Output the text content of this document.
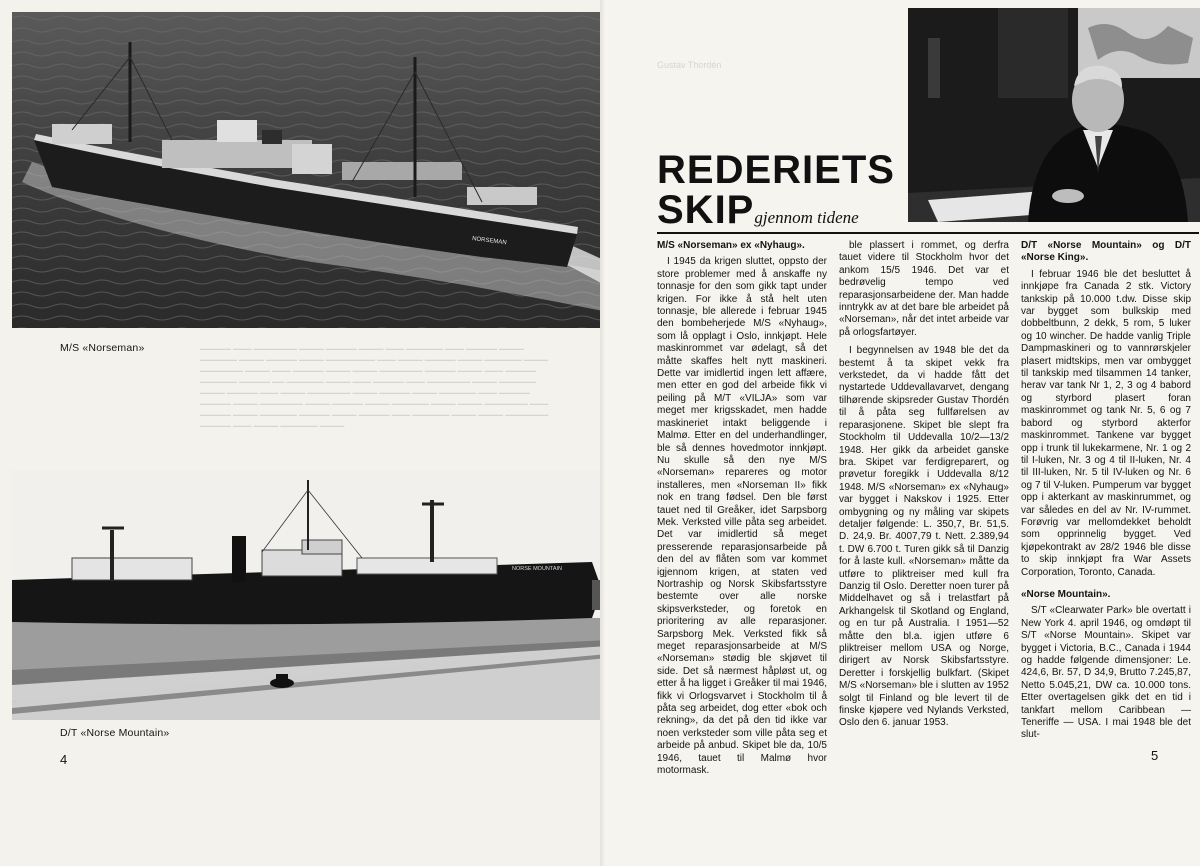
NORSEMAN
M/S «Norseman»	▁▁▁▁▁ ▁▁▁ ▁▁▁▁▁▁▁ ▁▁▁▁ ▁▁▁▁▁ ▁▁▁▁ ▁▁▁ ▁▁▁▁▁▁ ▁▁▁ ▁▁▁▁▁ ▁▁▁▁ ▁▁▁▁▁▁ ▁▁▁▁ ▁▁▁▁▁ ▁▁▁▁ ▁▁▁▁▁▁▁▁ ▁▁▁ ▁▁▁▁ ▁▁▁▁▁ ▁▁▁▁ ▁▁▁▁▁▁ ▁▁▁▁ ▁▁▁▁▁▁▁ ▁▁▁▁ ▁▁▁ ▁▁▁▁▁ ▁▁▁▁ ▁▁▁▁ ▁▁▁▁▁▁▁ ▁▁▁▁▁ ▁▁▁▁ ▁▁▁ ▁▁▁▁▁ ▁▁▁▁▁▁ ▁▁▁▁▁ ▁▁ ▁▁▁▁▁▁ ▁▁▁▁ ▁▁▁ ▁▁▁▁▁ ▁▁▁ ▁▁▁▁▁▁▁ ▁▁▁▁ ▁▁▁▁▁▁ ▁▁▁▁ ▁▁▁▁▁ ▁▁▁ ▁▁▁▁ ▁▁▁▁▁▁▁ ▁▁▁▁ ▁▁▁▁▁ ▁▁▁▁ ▁▁▁▁▁▁ ▁▁▁ ▁▁▁▁▁ ▁▁▁▁▁ ▁▁▁▁ ▁▁▁▁▁▁▁ ▁▁▁▁ ▁▁▁▁▁ ▁▁▁▁ ▁▁▁▁▁▁ ▁▁▁▁ ▁▁▁▁ ▁▁▁▁▁▁▁ ▁▁▁ ▁▁▁▁▁ ▁▁▁▁ ▁▁▁▁▁▁ ▁▁▁▁▁ ▁▁▁▁ ▁▁▁▁▁ ▁▁▁ ▁▁▁▁▁▁ ▁▁▁▁ ▁▁▁▁ ▁▁▁▁▁▁▁ ▁▁▁▁▁ ▁▁▁ ▁▁▁▁ ▁▁▁▁▁▁ ▁▁▁▁
NORSE MOUNTAIN
D/T «Norse Mountain»
4
Gustav Thordén
REDERIETS
SKIPgjennom tidene
M/S «Norseman» ex «Nyhaug».

I 1945 da krigen sluttet, oppsto der store problemer med å anskaffe ny tonnasje for den som gikk tapt under krigen. For ikke å stå helt uten tonnasje, ble allerede i februar 1945 den bombeherjede M/S «Nyhaug», som lå opplagt i Oslo, innkjøpt. Hele maskinrommet var ødelagt, så det måtte skaffes helt nytt maskineri. Dette var imidlertid ingen lett affære, men etter en god del arbeide fikk vi peiling på M/T «VILJA» som var meget mer krigsskadet, men hadde maskineriet intakt beliggende i Malmø. Etter en del underhandlinger, ble så dennes hovedmotor innkjøpt. Nu skulle så den nye M/S «Norseman» repareres og motor installeres, men «Norseman II» fikk nok en trang fødsel. Den ble først tauet ned til Greåker, idet Sarpsborg Mek. Verksted ville påta seg arbeidet. Det var imidlertid så meget presserende reparasjonsarbeide på den del av flåten som var kommet igjennom krigen, at staten ved Nortraship og Norsk Skibsfartsstyre bestemte over alle norske skipsverksteder, og foretok en prioritering av alle reparasjoner. Sarpsborg Mek. Verksted fikk så meget reparasjonsarbeide at M/S «Norseman» stødig ble skjøvet til side. Det så nærmest håpløst ut, og etter å ha ligget i Greåker til mai 1946, fikk vi Orlogsvarvet i Stockholm til å påta seg arbeidet, dog etter «bok och rekning», da det på den tid ikke var noen verksteder som ville påta seg et arbeide på anbud. Skipet ble da, 10/5 1946, tauet til Malmø hvor motormask.

ble plassert i rommet, og derfra tauet videre til Stockholm hvor det ankom 15/5 1946. Det var et bedrøvelig tempo ved reparasjonsarbeidene der. Man hadde inntrykk av at det bare ble arbeidet på «Norseman», når det intet arbeide var på orlogsfartøyer.

I begynnelsen av 1948 ble det da bestemt å ta skipet vekk fra verkstedet, da vi hadde fått det nystartede Uddevallavarvet, dengang tilhørende skipsreder Gustav Thordén til å påta seg fullførelsen av reparasjonene. Skipet ble slept fra Stockholm til Uddevalla 10/2—13/2 1948. Her gikk da arbeidet ganske bra. Skipet var ferdigreparert, og prøvetur foregikk i Uddevalla 8/12 1948. M/S «Norseman» ex «Nyhaug» var bygget i Nakskov i 1925. Etter ombygning og ny måling var skipets detaljer følgende: L. 350,7, Br. 51,5. D. 24,9. Br. 4007,79 t. Nett. 2.389,94 t. DW 6.700 t. Turen gikk så til Danzig for å laste kull. «Norseman» måtte da utføre to pliktreiser med kull fra Danzig til Oslo. Deretter noen turer på Middelhavet og så i trelastfart på Arkhangelsk til Skotland og England, og en tur på Australia. I 1951—52 måtte den bl.a. igjen utføre 6 pliktreiser mellom USA og Norge, dirigert av Norsk Skibsfartsstyre. Deretter i forskjellig bulkfart. (Skipet M/S «Norseman» ble i slutten av 1952 solgt til Finland og ble levert til de finske kjøpere ved Nylands Verksted, Oslo den 6. januar 1953.

D/T «Norse Mountain» og D/T «Norse King».

I februar 1946 ble det besluttet å innkjøpe fra Canada 2 stk. Victory tankskip på 10.000 t.dw. Disse skip var bygget som bulkskip med dobbeltbunn, 2 dekk, 5 rom, 5 luker og 10 wincher. De hadde vanlig Triple Dampmaskineri og to vannrørskjeler plasert midtskips, men var ombygget til tankskip med tilsammen 14 tanker, herav var tank Nr 1, 2, 3 og 4 babord og styrbord plasert foran maskinrommet og tank Nr. 5, 6 og 7 babord og styrbord akterfor maskinrommet. Tankene var bygget opp i trunk til lukekarmene, Nr. 1 og 2 til I-luken, Nr. 3 og 4 til II-luken, Nr. 4 til III-luken, Nr. 5 til IV-luken og Nr. 6 og 7 til V-luken. Pumperum var bygget opp i akterkant av maskinrummet, og var således en del av Nr. IV-rummet. Forøvrig var mellomdekket beholdt som opprinnelig bygget. Ved kjøpekontrakt av 28/2 1946 ble disse to skip innkjøpt fra War Assets Corporation, Toronto, Canada.

«Norse Mountain».

S/T «Clearwater Park» ble overtatt i New York 4. april 1946, og omdøpt til S/T «Norse Mountain». Skipet var bygget i Victoria, B.C., Canada i 1944 og hadde følgende dimensjoner: Le. 424,6, Br. 57, D 34,9, Brutto 7.245,87, Netto 5.045,21, DW ca. 10.000 tons. Etter overtagelsen gikk det en tid i tankfart mellom Caribbean — Teneriffe — USA. I mai 1948 ble det slut-

5
